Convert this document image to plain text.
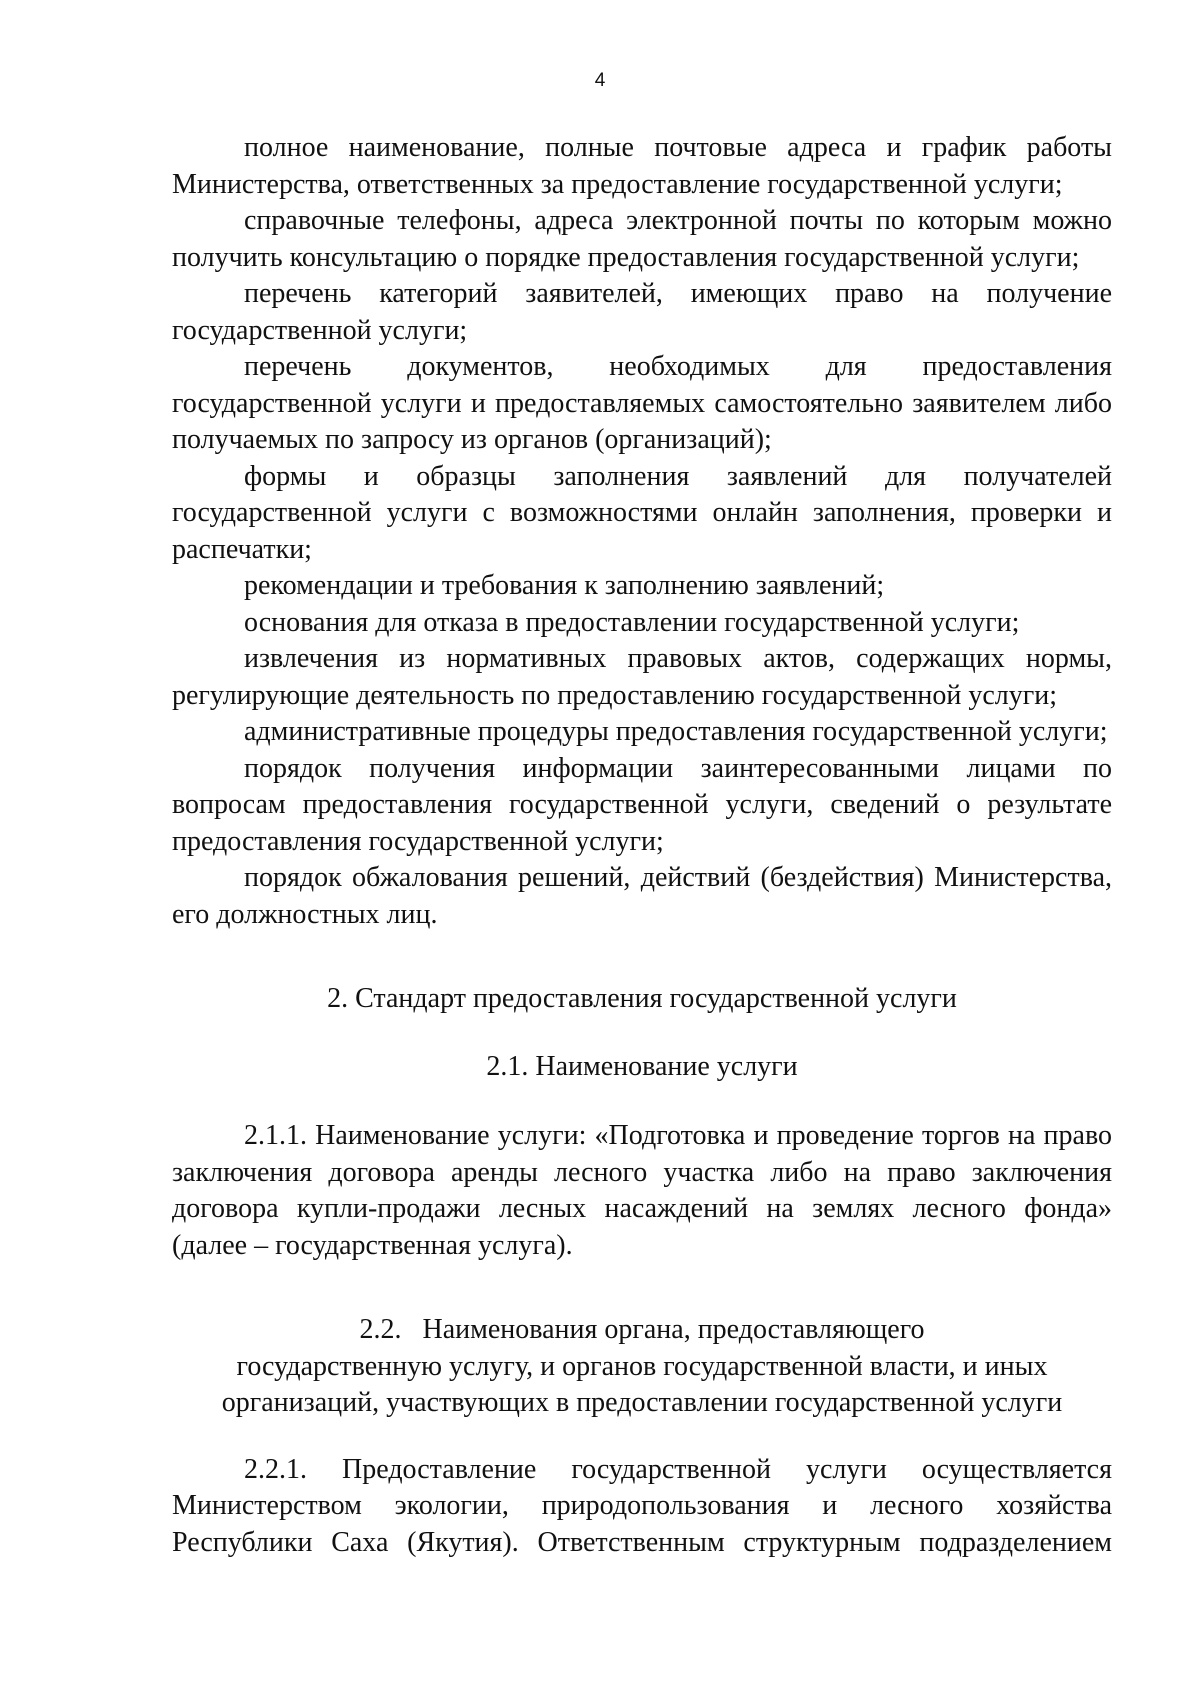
4

полное наименование, полные почтовые адреса и график работы Министерства, ответственных за предоставление государственной услуги;

справочные телефоны, адреса электронной почты по которым можно получить консультацию о порядке предоставления государственной услуги;

перечень категорий заявителей, имеющих право на получение государственной услуги;

перечень документов, необходимых для предоставления государственной услуги и предоставляемых самостоятельно заявителем либо получаемых по запросу из органов (организаций);

формы и образцы заполнения заявлений для получателей государственной услуги с возможностями онлайн заполнения, проверки и распечатки;

рекомендации и требования к заполнению заявлений;

основания для отказа в предоставлении государственной услуги;

извлечения из нормативных правовых актов, содержащих нормы, регулирующие деятельность по предоставлению государственной услуги;

административные процедуры предоставления государственной услуги;

порядок получения информации заинтересованными лицами по вопросам предоставления государственной услуги, сведений о результате предоставления государственной услуги;

порядок обжалования решений, действий (бездействия) Министерства, его должностных лиц.

2. Стандарт предоставления государственной услуги

2.1. Наименование услуги

2.1.1. Наименование услуги: «Подготовка и проведение торгов на право заключения договора аренды лесного участка либо на право заключения договора купли-продажи лесных насаждений на землях лесного фонда» (далее – государственная услуга).

2.2.   Наименования органа, предоставляющего

государственную услугу, и органов государственной власти, и иных

организаций, участвующих в предоставлении государственной услуги

2.2.1. Предоставление государственной услуги осуществляется Министерством экологии, природопользования и лесного хозяйства Республики Саха (Якутия). Ответственным структурным подразделением
